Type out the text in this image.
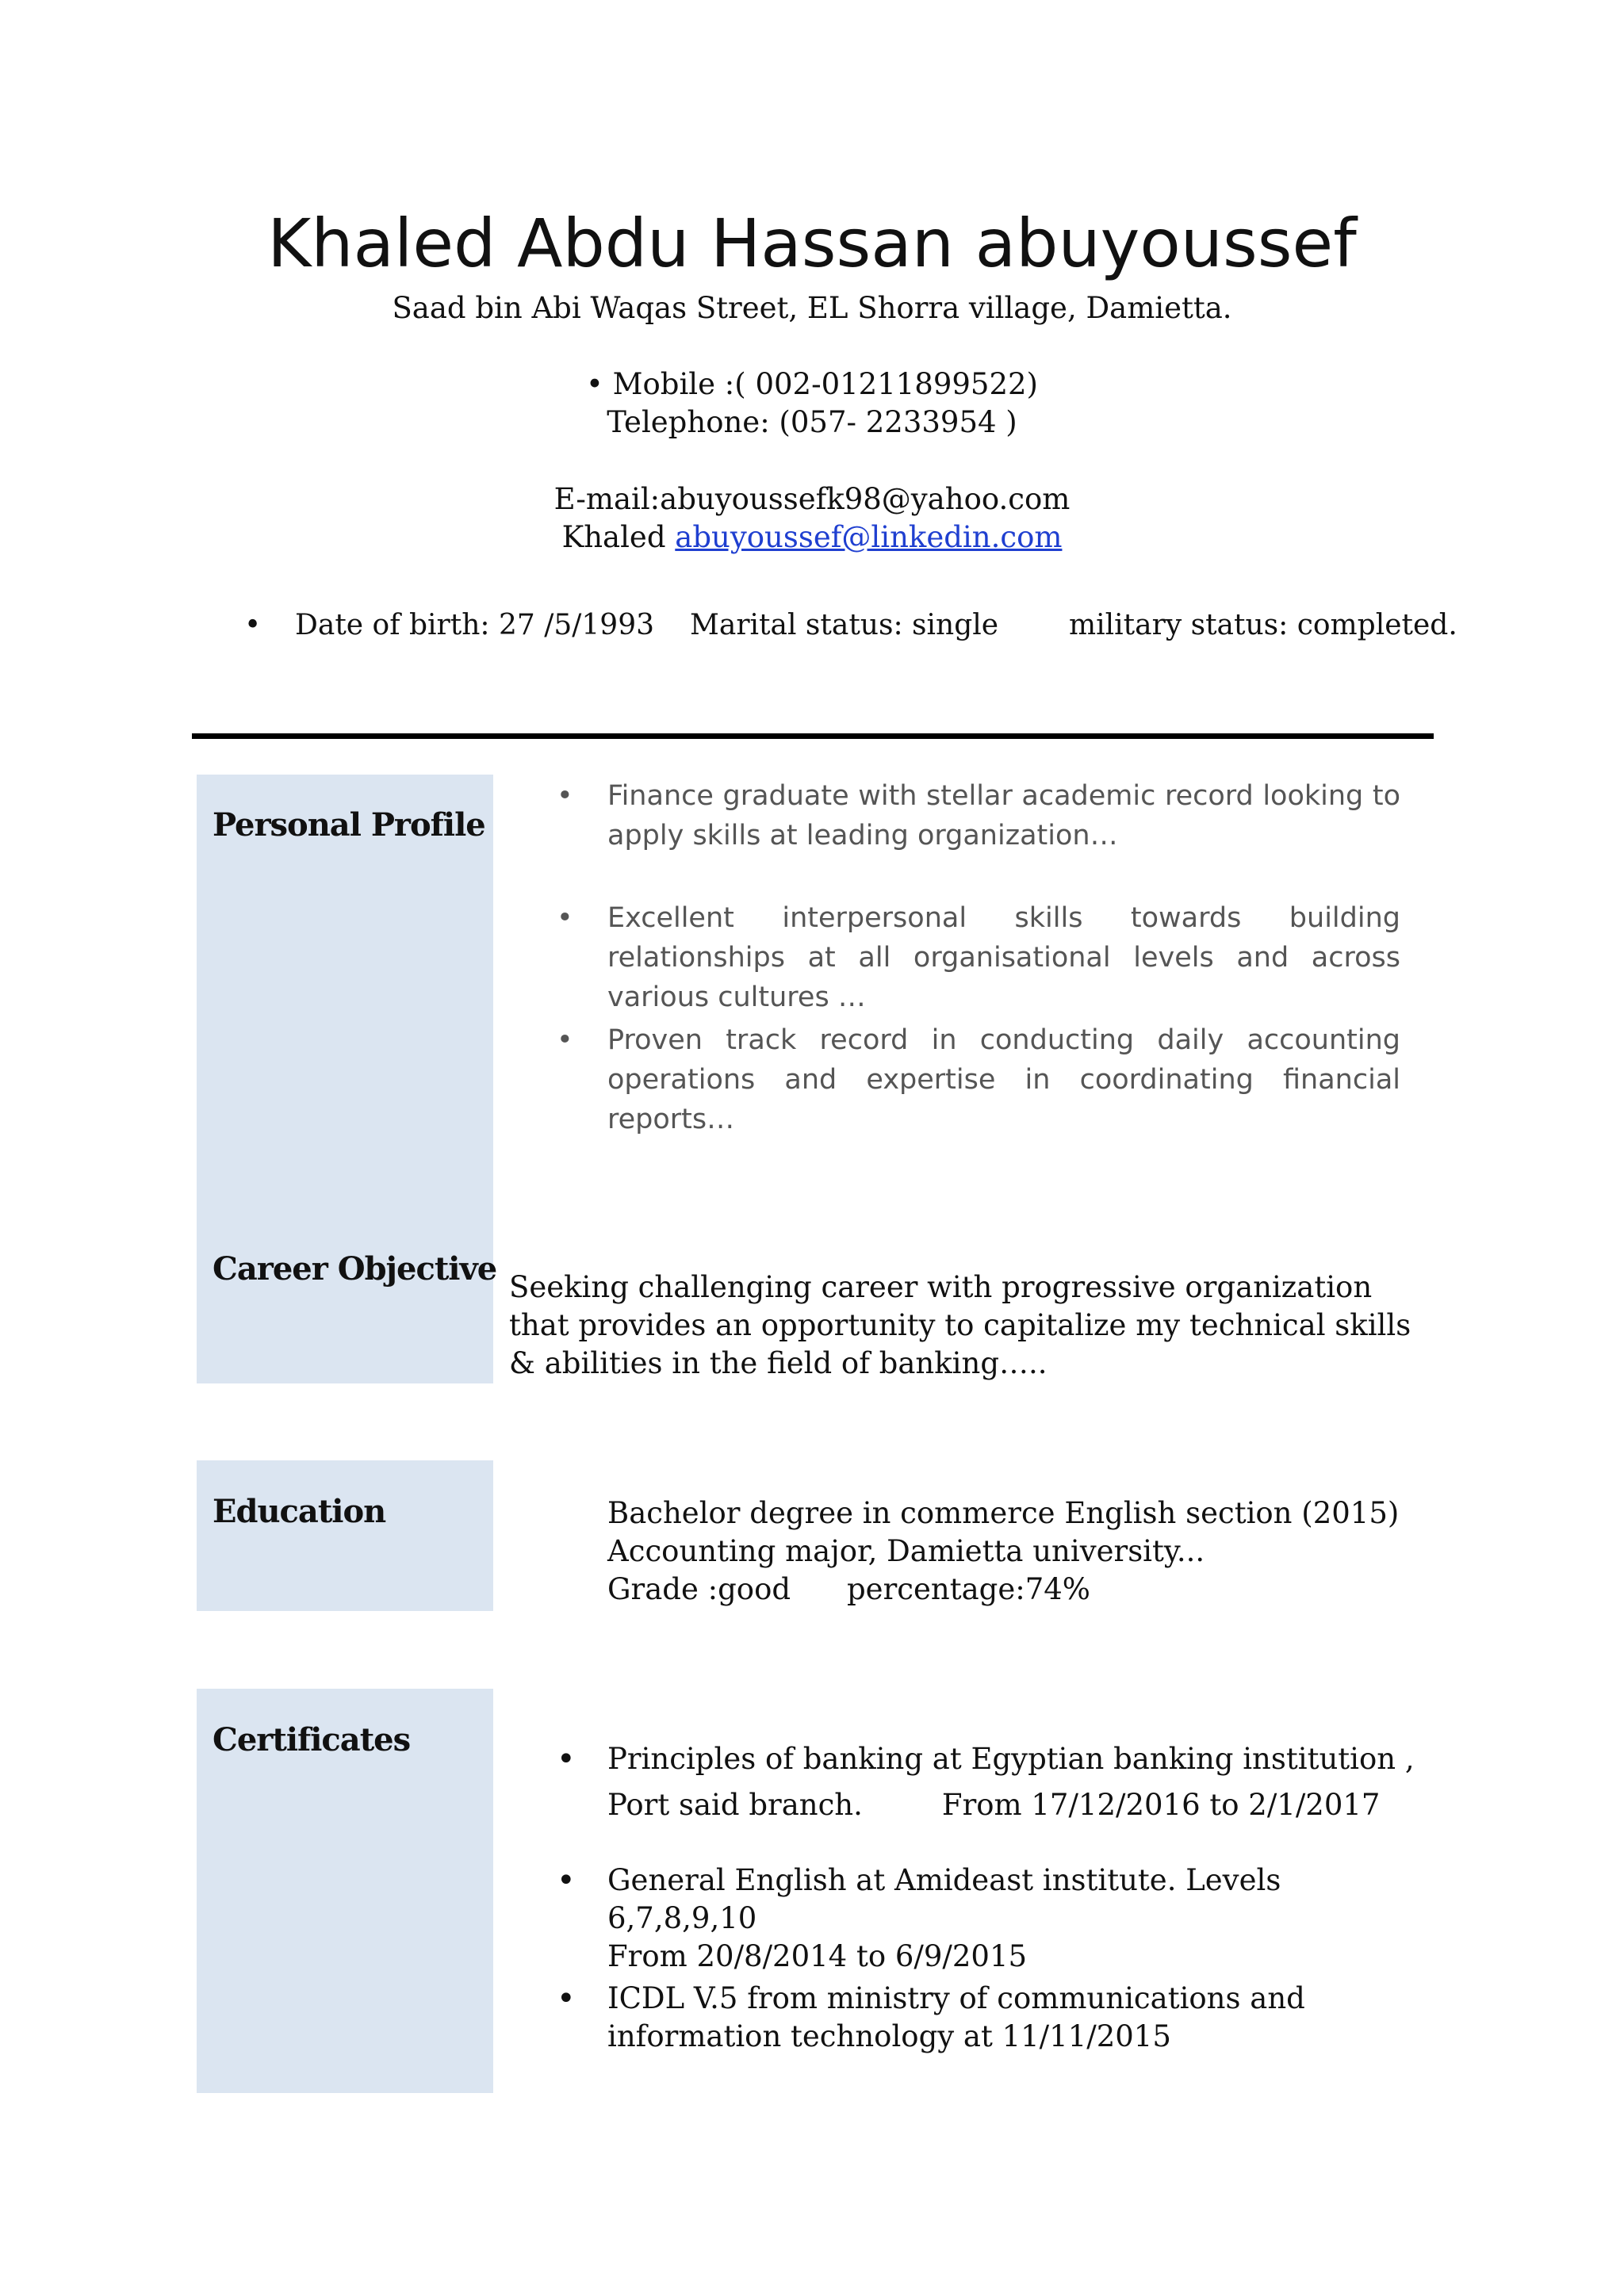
Khaled Abdu Hassan abuyoussef
Saad bin Abi Waqas Street, EL Shorra village, Damietta.
• Mobile :( 002-01211899522)
Telephone: (057- 2233954 )
E-mail:abuyoussefk98@yahoo.com
Khaled abuyoussef@linkedin.com
• Date of birth: 27 /5/1993 Marital status: single military status: completed.
Personal Profile
Career Objective
Education
Certificates
• Finance graduate with stellar academic record looking to apply skills at leading organization…
• Excellent interpersonal skills towards building relationships at all organisational levels and across various cultures …
• Proven track record in conducting daily accounting operations and expertise in coordinating financial reports…
Seeking challenging career with progressive organization that provides an opportunity to capitalize my technical skills & abilities in the field of banking…..
Bachelor degree in commerce English section (2015)
Accounting major, Damietta university...
Grade :good percentage:74%
• Principles of banking at Egyptian banking institution ,
Port said branch.	From 17/12/2016 to 2/1/2017
• General English at Amideast institute. Levels 6,7,8,9,10
From 20/8/2014 to 6/9/2015
• ICDL V.5 from ministry of communications and
information technology at 11/11/2015
